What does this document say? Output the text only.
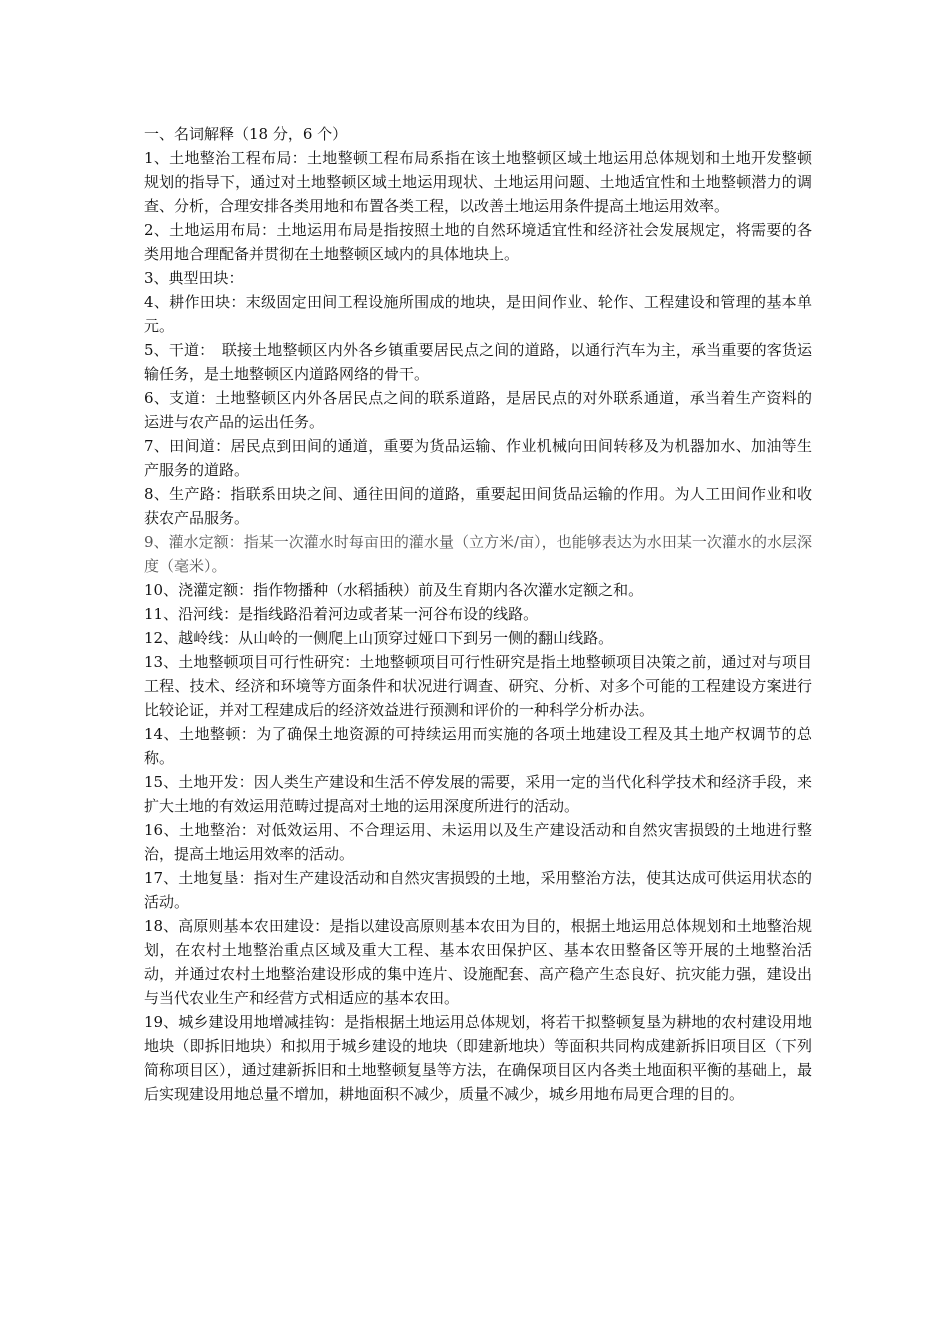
一、名词解释（18 分，6 个）

1、土地整治工程布局：土地整顿工程布局系指在该土地整顿区域土地运用总体规划和土地开发整顿规划的指导下，通过对土地整顿区域土地运用现状、土地运用问题、土地适宜性和土地整顿潜力的调查、分析，合理安排各类用地和布置各类工程，以改善土地运用条件提高土地运用效率。

2、土地运用布局：土地运用布局是指按照土地的自然环境适宜性和经济社会发展规定，将需要的各类用地合理配备并贯彻在土地整顿区域内的具体地块上。

3、典型田块：

4、耕作田块：末级固定田间工程设施所围成的地块，是田间作业、轮作、工程建设和管理的基本单元。

5、干道：　联接土地整顿区内外各乡镇重要居民点之间的道路，以通行汽车为主，承当重要的客货运输任务，是土地整顿区内道路网络的骨干。

6、支道：土地整顿区内外各居民点之间的联系道路，是居民点的对外联系通道，承当着生产资料的运进与农产品的运出任务。

7、田间道：居民点到田间的通道，重要为货品运输、作业机械向田间转移及为机器加水、加油等生产服务的道路。

8、生产路：指联系田块之间、通往田间的道路，重要起田间货品运输的作用。为人工田间作业和收获农产品服务。

9、灌水定额：指某一次灌水时每亩田的灌水量（立方米/亩），也能够表达为水田某一次灌水的水层深度（毫米）。

10、浇灌定额：指作物播种（水稻插秧）前及生育期内各次灌水定额之和。

11、沿河线：是指线路沿着河边或者某一河谷布设的线路。

12、越岭线：从山岭的一侧爬上山顶穿过娅口下到另一侧的翻山线路。

13、土地整顿项目可行性研究：土地整顿项目可行性研究是指土地整顿项目决策之前，通过对与项目工程、技术、经济和环境等方面条件和状况进行调查、研究、分析、对多个可能的工程建设方案进行比较论证，并对工程建成后的经济效益进行预测和评价的一种科学分析办法。

14、土地整顿：为了确保土地资源的可持续运用而实施的各项土地建设工程及其土地产权调节的总称。

15、土地开发：因人类生产建设和生活不停发展的需要，采用一定的当代化科学技术和经济手段，来扩大土地的有效运用范畴过提高对土地的运用深度所进行的活动。

16、土地整治：对低效运用、不合理运用、未运用以及生产建设活动和自然灾害损毁的土地进行整治，提高土地运用效率的活动。

17、土地复垦：指对生产建设活动和自然灾害损毁的土地，采用整治方法，使其达成可供运用状态的活动。

18、高原则基本农田建设：是指以建设高原则基本农田为目的，根据土地运用总体规划和土地整治规划，在农村土地整治重点区域及重大工程、基本农田保护区、基本农田整备区等开展的土地整治活动，并通过农村土地整治建设形成的集中连片、设施配套、高产稳产生态良好、抗灾能力强，建设出与当代农业生产和经营方式相适应的基本农田。

19、城乡建设用地增减挂钩：是指根据土地运用总体规划，将若干拟整顿复垦为耕地的农村建设用地地块（即拆旧地块）和拟用于城乡建设的地块（即建新地块）等面积共同构成建新拆旧项目区（下列简称项目区），通过建新拆旧和土地整顿复垦等方法，在确保项目区内各类土地面积平衡的基础上，最后实现建设用地总量不增加，耕地面积不减少，质量不减少，城乡用地布局更合理的目的。
